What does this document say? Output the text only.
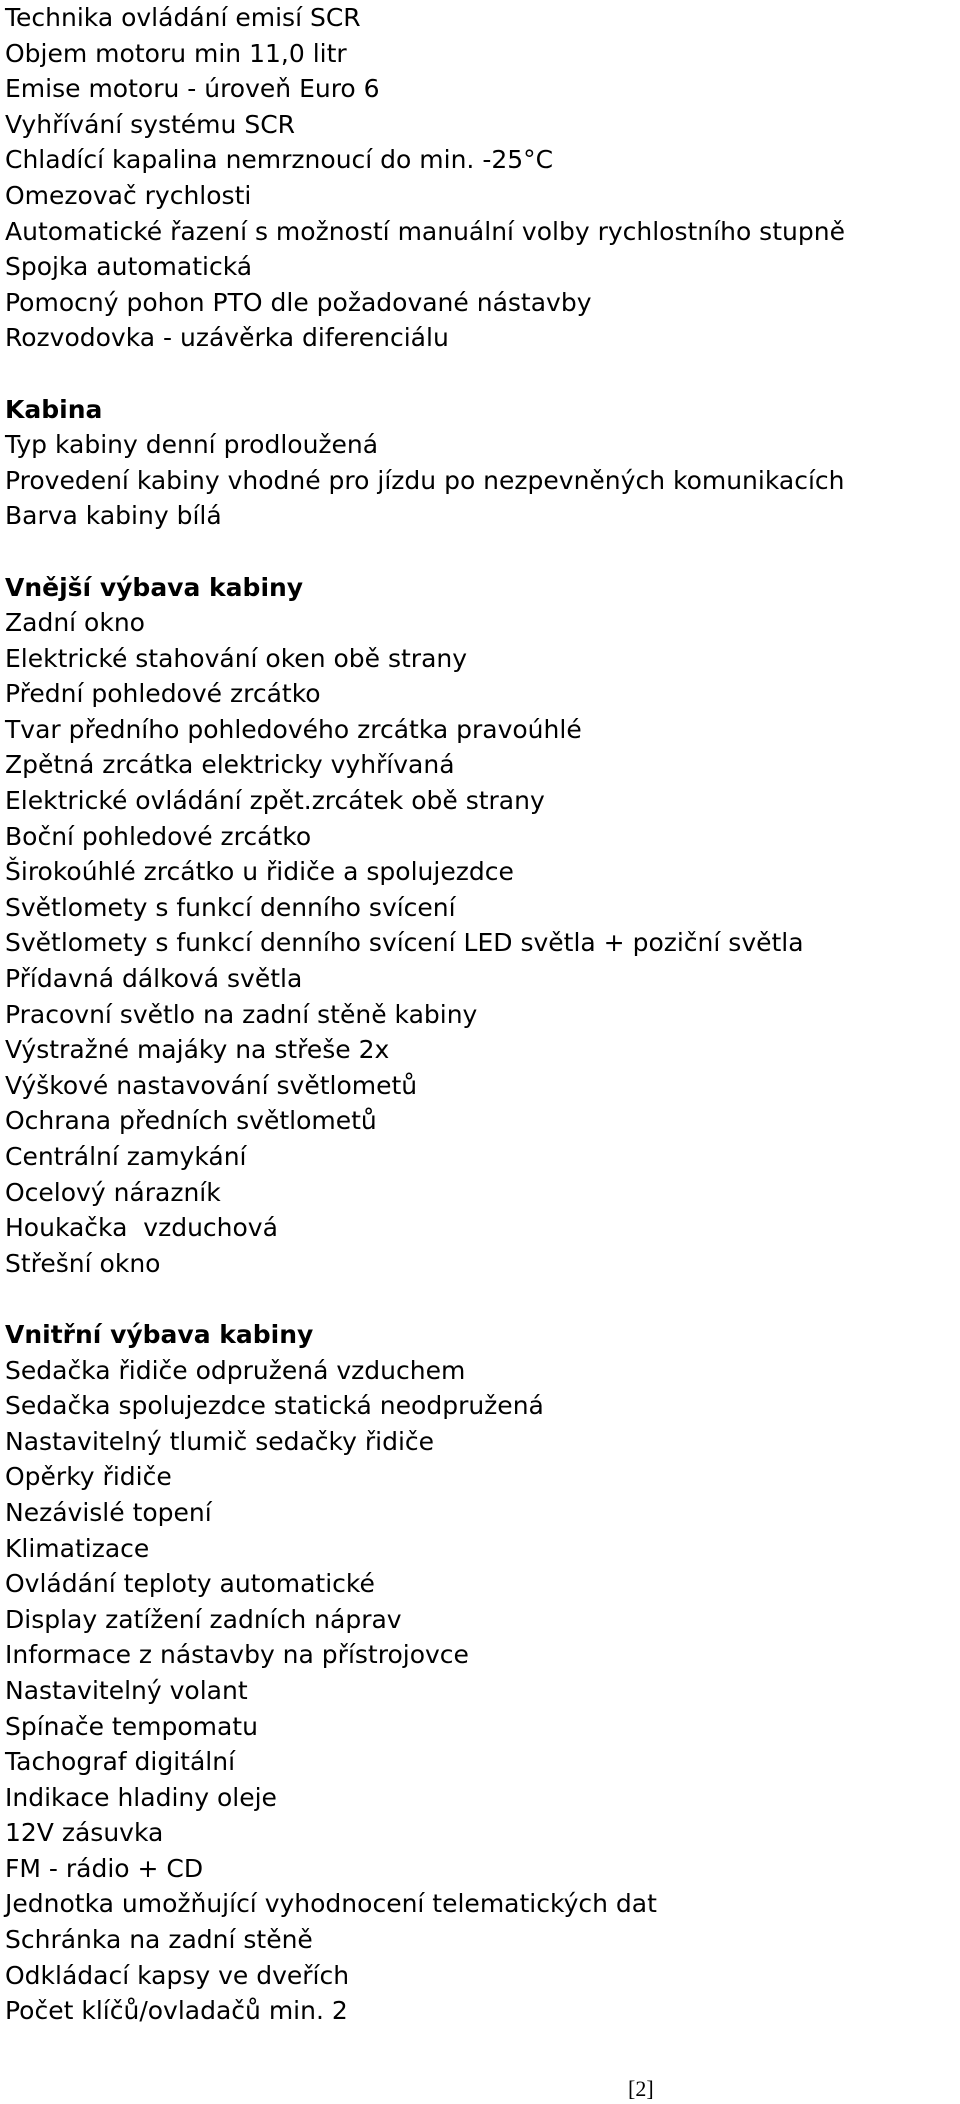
Technika ovládání emisí SCR
Objem motoru min 11,0 litr
Emise motoru - úroveň Euro 6
Vyhřívání systému SCR
Chladící kapalina nemrznoucí do min. -25°C
Omezovač rychlosti
Automatické řazení s možností manuální volby rychlostního stupně
Spojka automatická
Pomocný pohon PTO dle požadované nástavby
Rozvodovka - uzávěrka diferenciálu
Kabina
Typ kabiny denní prodloužená
Provedení kabiny vhodné pro jízdu po nezpevněných komunikacích
Barva kabiny bílá
Vnější výbava kabiny
Zadní okno
Elektrické stahování oken obě strany
Přední pohledové zrcátko
Tvar předního pohledového zrcátka pravoúhlé
Zpětná zrcátka elektricky vyhřívaná
Elektrické ovládání zpět.zrcátek obě strany
Boční pohledové zrcátko
Širokoúhlé zrcátko u řidiče a spolujezdce
Světlomety s funkcí denního svícení
Světlomety s funkcí denního svícení LED světla + poziční světla
Přídavná dálková světla
Pracovní světlo na zadní stěně kabiny
Výstražné majáky na střeše 2x
Výškové nastavování světlometů
Ochrana předních světlometů
Centrální zamykání
Ocelový nárazník
Houkačka  vzduchová
Střešní okno
Vnitřní výbava kabiny
Sedačka řidiče odpružená vzduchem
Sedačka spolujezdce statická neodpružená
Nastavitelný tlumič sedačky řidiče
Opěrky řidiče
Nezávislé topení
Klimatizace
Ovládání teploty automatické
Display zatížení zadních náprav
Informace z nástavby na přístrojovce
Nastavitelný volant
Spínače tempomatu
Tachograf digitální
Indikace hladiny oleje
12V zásuvka
FM - rádio + CD
Jednotka umožňující vyhodnocení telematických dat
Schránka na zadní stěně
Odkládací kapsy ve dveřích
Počet klíčů/ovladačů min. 2
[2]
